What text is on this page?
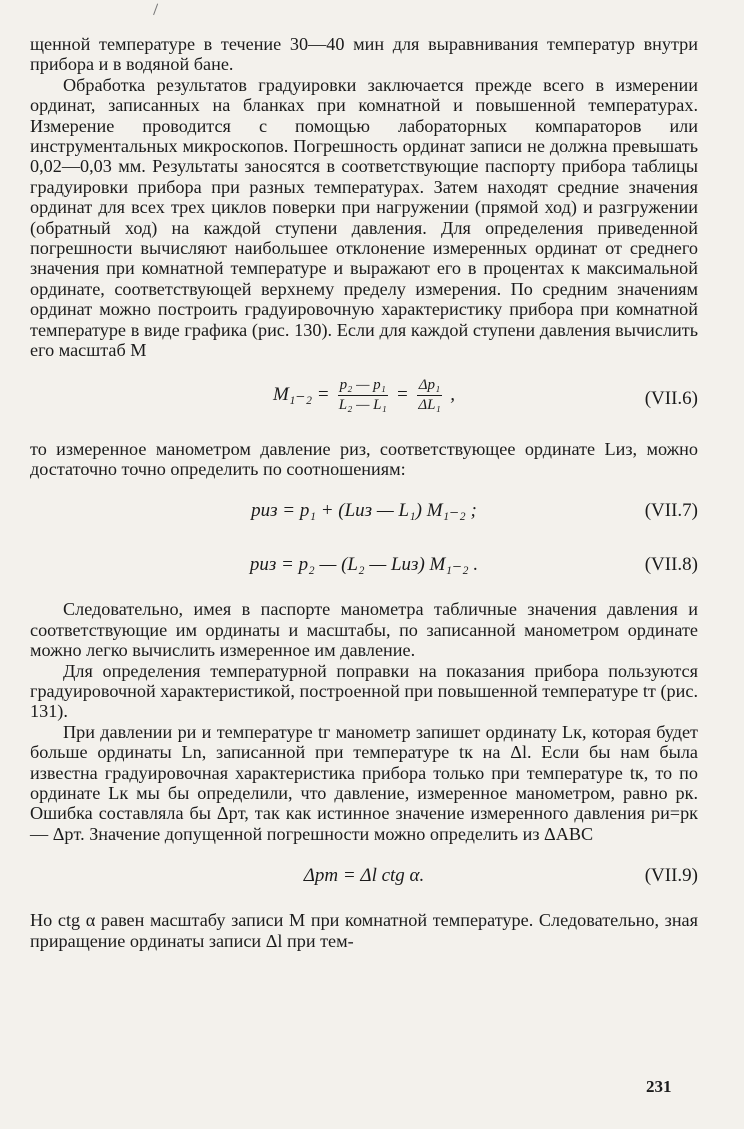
щенной температуре в течение 30—40 мин для выравнивания температур внутри прибора и в водяной бане.

Обработка результатов градуировки заключается прежде всего в измерении ординат, записанных на бланках при комнатной и повышенной температурах. Измерение проводится с помощью лабораторных компараторов или инструментальных микроскопов. Погрешность ординат записи не должна превышать 0,02—0,03 мм. Результаты заносятся в соответствующие паспорту прибора таблицы градуировки прибора при разных температурах. Затем находят средние значения ординат для всех трех циклов поверки при нагружении (прямой ход) и разгружении (обратный ход) на каждой ступени давления. Для определения приведенной погрешности вычисляют наибольшее отклонение измеренных ординат от среднего значения при комнатной температуре и выражают его в процентах к максимальной ординате, соответствующей верхнему пределу измерения. По средним значениям ординат можно построить градуировочную характеристику прибора при комнатной температуре в виде графика (рис. 130). Если для каждой ступени давления вычислить его масштаб M

$M_{1-2} = \frac{\text{p₂ — p₁}}{\text{L₂ — L₁}} = \frac{\text{Δp₁}}{\text{ΔL₁}}$ ,	(VII.6)

то измеренное манометром давление pиз, соответствующее ординате Lиз, можно достаточно точно определить по соотношениям:

pиз = p₁ + (Lиз — L₁) M₁₋₂ ;	(VII.7)
pиз = p₂ — (L₂ — Lиз) M₁₋₂ .	(VII.8)

Следовательно, имея в паспорте манометра табличные значения давления и соответствующие им ординаты и масштабы, по записанной манометром ординате можно легко вычислить измеренное им давление.

Для определения температурной поправки на показания прибора пользуются градуировочной характеристикой, построенной при повышенной температуре tт (рис. 131).

При давлении pи и температуре tг манометр запишет ординату Lк, которая будет больше ординаты Ln, записанной при температуре tк на Δl. Если бы нам была известна градуировочная характеристика прибора только при температуре tк, то по ординате Lк мы бы определили, что давление, измеренное манометром, равно pк. Ошибка составляла бы Δpт, так как истинное значение измеренного давления pи=pк — Δpт. Значение допущенной погрешности можно определить из ΔABC

Δpт = Δl ctg α.	(VII.9)

Но ctg α равен масштабу записи M при комнатной температуре. Следовательно, зная приращение ординаты записи Δl при тем-

231
